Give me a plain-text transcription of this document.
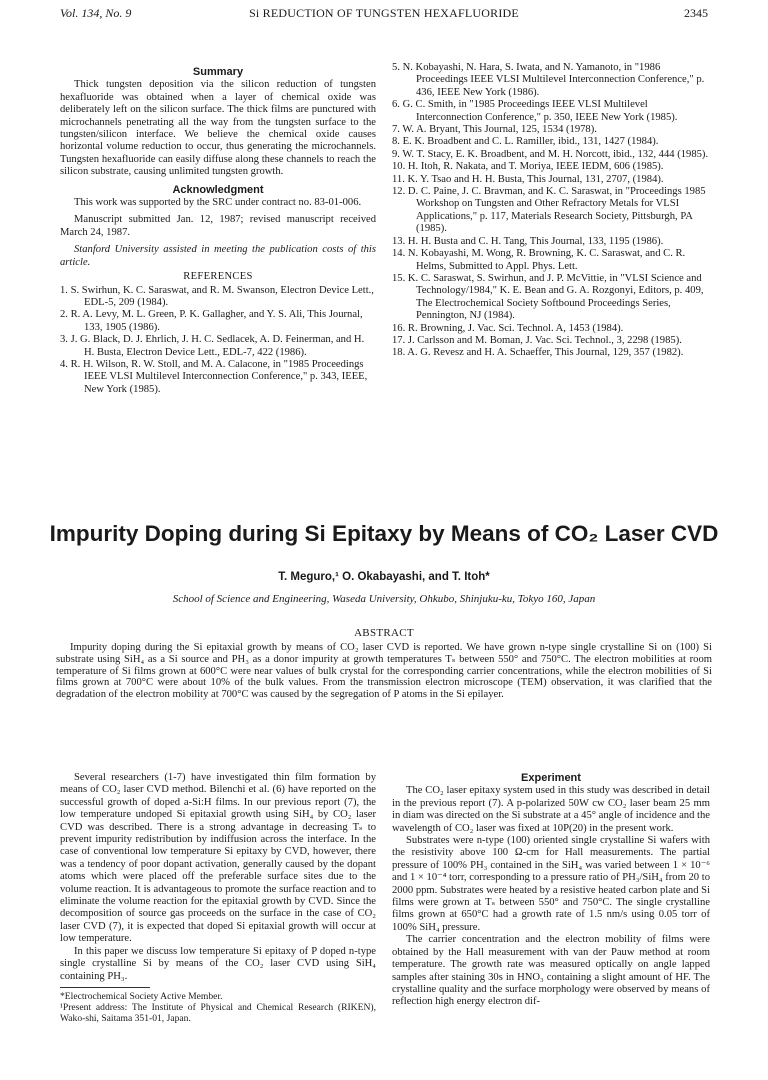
Vol. 134, No. 9	Si REDUCTION OF TUNGSTEN HEXAFLUORIDE	2345
Summary

Thick tungsten deposition via the silicon reduction of tungsten hexafluoride was obtained when a layer of chemical oxide was deliberately left on the silicon surface. The thick films are punctured with microchannels penetrating all the way from the tungsten surface to the tungsten/silicon interface. We believe the chemical oxide causes horizontal volume reduction to occur, thus generating the microchannels. Tungsten hexafluoride can easily diffuse along these channels to reach the silicon substrate, causing unlimited tungsten growth.

Acknowledgment

This work was supported by the SRC under contract no. 83-01-006.

Manuscript submitted Jan. 12, 1987; revised manuscript received March 24, 1987.

Stanford University assisted in meeting the publication costs of this article.

REFERENCES

1. S. Swirhun, K. C. Saraswat, and R. M. Swanson, Electron Device Lett., EDL-5, 209 (1984).

2. R. A. Levy, M. L. Green, P. K. Gallagher, and Y. S. Ali, This Journal, 133, 1905 (1986).

3. J. G. Black, D. J. Ehrlich, J. H. C. Sedlacek, A. D. Feinerman, and H. H. Busta, Electron Device Lett., EDL-7, 422 (1986).

4. R. H. Wilson, R. W. Stoll, and M. A. Calacone, in "1985 Proceedings IEEE VLSI Multilevel Interconnection Conference," p. 343, IEEE, New York (1985).

5. N. Kobayashi, N. Hara, S. Iwata, and N. Yamanoto, in "1986 Proceedings IEEE VLSI Multilevel Interconnection Conference," p. 436, IEEE New York (1986).

6. G. C. Smith, in "1985 Proceedings IEEE VLSI Multilevel Interconnection Conference," p. 350, IEEE New York (1985).

7. W. A. Bryant, This Journal, 125, 1534 (1978).

8. E. K. Broadbent and C. L. Ramiller, ibid., 131, 1427 (1984).

9. W. T. Stacy, E. K. Broadbent, and M. H. Norcott, ibid., 132, 444 (1985).

10. H. Itoh, R. Nakata, and T. Moriya, IEEE IEDM, 606 (1985).

11. K. Y. Tsao and H. H. Busta, This Journal, 131, 2707, (1984).

12. D. C. Paine, J. C. Bravman, and K. C. Saraswat, in "Proceedings 1985 Workshop on Tungsten and Other Refractory Metals for VLSI Applications," p. 117, Materials Research Society, Pittsburgh, PA (1985).

13. H. H. Busta and C. H. Tang, This Journal, 133, 1195 (1986).

14. N. Kobayashi, M. Wong, R. Browning, K. C. Saraswat, and C. R. Helms, Submitted to Appl. Phys. Lett.

15. K. C. Saraswat, S. Swirhun, and J. P. McVittie, in "VLSI Science and Technology/1984," K. E. Bean and G. A. Rozgonyi, Editors, p. 409, The Electrochemical Society Softbound Proceedings Series, Pennington, NJ (1984).

16. R. Browning, J. Vac. Sci. Technol. A, 1453 (1984).

17. J. Carlsson and M. Boman, J. Vac. Sci. Technol., 3, 2298 (1985).

18. A. G. Revesz and H. A. Schaeffer, This Journal, 129, 357 (1982).

Impurity Doping during Si Epitaxy by Means of CO₂ Laser CVD
T. Meguro,¹ O. Okabayashi, and T. Itoh*
School of Science and Engineering, Waseda University, Ohkubo, Shinjuku-ku, Tokyo 160, Japan
ABSTRACT

Impurity doping during the Si epitaxial growth by means of CO₂ laser CVD is reported. We have grown n-type single crystalline Si on (100) Si substrate using SiH₄ as a Si source and PH₃ as a donor impurity at growth temperatures Tₛ between 550° and 750°C. The electron mobilities at room temperature of Si films grown at 600°C were near values of bulk crystal for the corresponding carrier concentrations, while the electron mobilities of Si films grown at 700°C were about 10% of the bulk values. From the transmission electron microscope (TEM) observation, it was clarified that the degradation of the electron mobility at 700°C was caused by the segregation of P atoms in the Si epilayer.

Several researchers (1-7) have investigated thin film formation by means of CO₂ laser CVD method. Bilenchi et al. (6) have reported on the successful growth of doped a-Si:H films. In our previous report (7), the low temperature undoped Si epitaxial growth using SiH₄ by CO₂ laser CVD was described. There is a strong advantage in decreasing Tₛ to prevent impurity redistribution by indiffusion across the interface. In the case of conventional low temperature Si epitaxy by CVD, however, there was a tendency of poor dopant activation, generally caused by the dopant atoms which were placed off the preferable surface sites due to the volume reaction. It is advantageous to promote the surface reaction and to eliminate the volume reaction for the epitaxial growth by CVD. Since the decomposition of source gas proceeds on the surface in the case of CO₂ laser CVD (7), it is expected that doped Si epitaxial growth will occur at low temperature.

In this paper we discuss low temperature Si epitaxy of P doped n-type single crystalline Si by means of the CO₂ laser CVD using SiH₄ containing PH₃.

*Electrochemical Society Active Member.

¹Present address: The Institute of Physical and Chemical Research (RIKEN), Wako-shi, Saitama 351-01, Japan.

Experiment

The CO₂ laser epitaxy system used in this study was described in detail in the previous report (7). A p-polarized 50W cw CO₂ laser beam 25 mm in diam was directed on the Si substrate at a 45° angle of incidence and the wavelength of CO₂ laser was fixed at 10P(20) in the present work.

Substrates were n-type (100) oriented single crystalline Si wafers with the resistivity above 100 Ω-cm for Hall measurements. The partial pressure of 100% PH₃ contained in the SiH₄ was varied between 1 × 10⁻⁶ and 1 × 10⁻⁴ torr, corresponding to a pressure ratio of PH₃/SiH₄ from 20 to 2000 ppm. Substrates were heated by a resistive heated carbon plate and Si films were grown at Tₛ between 550° and 750°C. The single crystalline films grown at 650°C had a growth rate of 1.5 nm/s using 0.05 torr of 100% SiH₄ pressure.

The carrier concentration and the electron mobility of films were obtained by the Hall measurement with van der Pauw method at room temperature. The growth rate was measured optically on angle lapped samples after staining 30s in HNO₃ containing a slight amount of HF. The crystalline quality and the surface morphology were observed by means of reflection high energy electron dif-
